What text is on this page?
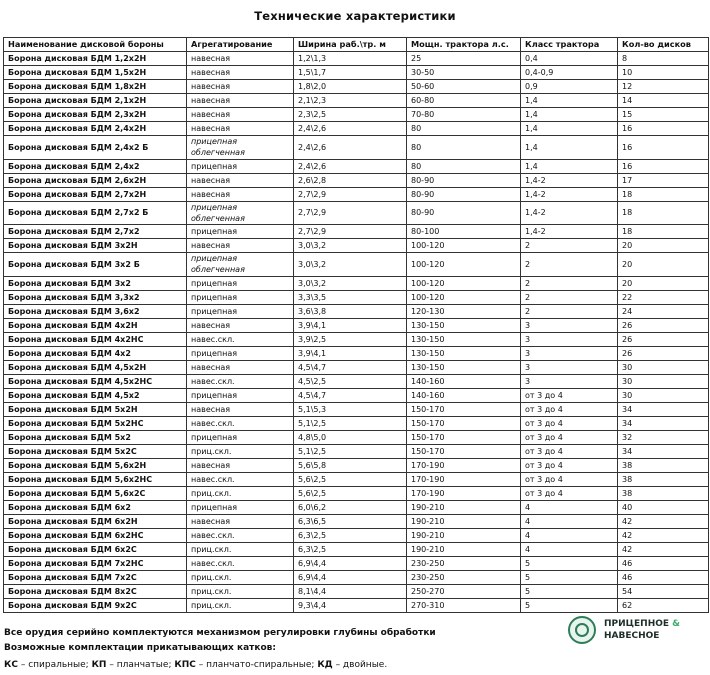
Технические характеристики
Наименование дисковой бороны	Агрегатирование	Ширина раб.\тр. м	Мощн. трактора л.с.	Класс трактора	Кол-во дисков
Борона дисковая БДМ 1,2х2Н	навесная	1,2\1,3	25	0,4	8
Борона дисковая БДМ 1,5х2Н	навесная	1,5\1,7	30-50	0,4-0,9	10
Борона дисковая БДМ 1,8х2Н	навесная	1,8\2,0	50-60	0,9	12
Борона дисковая БДМ 2,1х2Н	навесная	2,1\2,3	60-80	1,4	14
Борона дисковая БДМ 2,3х2Н	навесная	2,3\2,5	70-80	1,4	15
Борона дисковая БДМ 2,4х2Н	навесная	2,4\2,6	80	1,4	16
Борона дисковая БДМ 2,4х2 Б	прицепная облегченная	2,4\2,6	80	1,4	16
Борона дисковая БДМ 2,4х2	прицепная	2,4\2,6	80	1,4	16
Борона дисковая БДМ 2,6х2Н	навесная	2,6\2,8	80-90	1,4-2	17
Борона дисковая БДМ 2,7х2Н	навесная	2,7\2,9	80-90	1,4-2	18
Борона дисковая БДМ 2,7х2 Б	прицепная облегченная	2,7\2,9	80-90	1,4-2	18
Борона дисковая БДМ 2,7х2	прицепная	2,7\2,9	80-100	1,4-2	18
Борона дисковая БДМ 3х2Н	навесная	3,0\3,2	100-120	2	20
Борона дисковая БДМ 3х2 Б	прицепная облегченная	3,0\3,2	100-120	2	20
Борона дисковая БДМ 3х2	прицепная	3,0\3,2	100-120	2	20
Борона дисковая БДМ 3,3х2	прицепная	3,3\3,5	100-120	2	22
Борона дисковая БДМ 3,6х2	прицепная	3,6\3,8	120-130	2	24
Борона дисковая БДМ 4х2Н	навесная	3,9\4,1	130-150	3	26
Борона дисковая БДМ 4х2НС	навес.скл.	3,9\2,5	130-150	3	26
Борона дисковая БДМ 4х2	прицепная	3,9\4,1	130-150	3	26
Борона дисковая БДМ 4,5х2Н	навесная	4,5\4,7	130-150	3	30
Борона дисковая БДМ 4,5х2НС	навес.скл.	4,5\2,5	140-160	3	30
Борона дисковая БДМ 4,5х2	прицепная	4,5\4,7	140-160	от 3 до 4	30
Борона дисковая БДМ 5х2Н	навесная	5,1\5,3	150-170	от 3 до 4	34
Борона дисковая БДМ 5х2НС	навес.скл.	5,1\2,5	150-170	от 3 до 4	34
Борона дисковая БДМ 5х2	прицепная	4,8\5,0	150-170	от 3 до 4	32
Борона дисковая БДМ 5х2С	приц.скл.	5,1\2,5	150-170	от 3 до 4	34
Борона дисковая БДМ 5,6х2Н	навесная	5,6\5,8	170-190	от 3 до 4	38
Борона дисковая БДМ 5,6х2НС	навес.скл.	5,6\2,5	170-190	от 3 до 4	38
Борона дисковая БДМ 5,6х2С	приц.скл.	5,6\2,5	170-190	от 3 до 4	38
Борона дисковая БДМ 6х2	прицепная	6,0\6,2	190-210	4	40
Борона дисковая БДМ 6х2Н	навесная	6,3\6,5	190-210	4	42
Борона дисковая БДМ 6х2НС	навес.скл.	6,3\2,5	190-210	4	42
Борона дисковая БДМ 6х2С	приц.скл.	6,3\2,5	190-210	4	42
Борона дисковая БДМ 7х2НС	навес.скл.	6,9\4,4	230-250	5	46
Борона дисковая БДМ 7х2С	приц.скл.	6,9\4,4	230-250	5	46
Борона дисковая БДМ 8х2С	приц.скл.	8,1\4,4	250-270	5	54
Борона дисковая БДМ 9х2С	приц.скл.	9,3\4,4	270-310	5	62
Все орудия серийно комплектуются механизмом регулировки глубины обработки
Возможные комплектации прикатывающих катков:
КС – спиральные; КП – планчатые; КПС – планчато-спиральные; КД – двойные.
ПРИЦЕПНОЕ &
НАВЕСНОЕ
